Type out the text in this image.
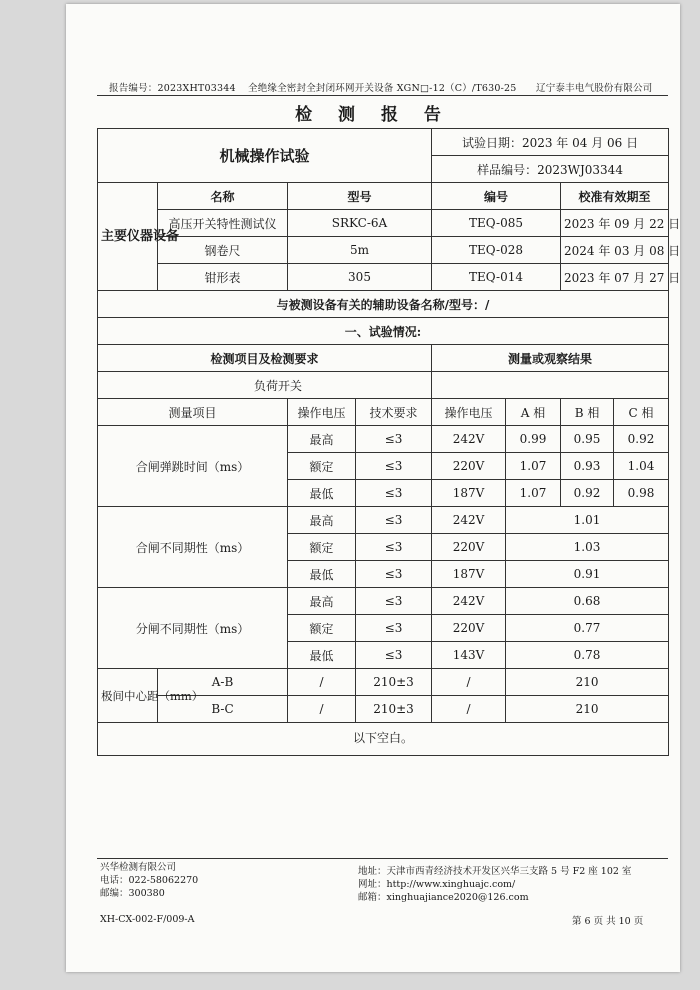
报告编号：2023XHT03344 全绝缘全密封全封闭环网开关设备 XGN□-12（C）/T630-25 辽宁泰丰电气股份有限公司
检 测 报 告
机械操作试验				试验日期：2023 年 04 月 06 日			
				样品编号：2023WJ03344			
主要仪器设备	名称	型号		编号		校准有效期至	
	高压开关特性测试仪	SRKC-6A		TEQ-085		2023 年 09 月 22 日	
	钢卷尺	5m		TEQ-028		2024 年 03 月 08 日	
	钳形表	305		TEQ-014		2023 年 07 月 27 日	
与被测设备有关的辅助设备名称/型号：/							
一、试验情况:							
检测项目及检测要求				测量或观察结果			
负荷开关							
测量项目		操作电压	技术要求	操作电压	A 相	B 相	C 相
合闸弹跳时间（ms）		最高	≤3	242V	0.99	0.95	0.92
		额定	≤3	220V	1.07	0.93	1.04
		最低	≤3	187V	1.07	0.92	0.98
合闸不同期性（ms）		最高	≤3	242V	1.01		
		额定	≤3	220V	1.03		
		最低	≤3	187V	0.91		
分闸不同期性（ms）		最高	≤3	242V	0.68		
		额定	≤3	220V	0.77		
		最低	≤3	143V	0.78		
极间中心距（mm）	A-B	/	210±3	/	210		
	B-C	/	210±3	/	210		
以下空白。							
兴华检测有限公司
电话：022-58062270
邮编：300380
地址：天津市西青经济技术开发区兴华三支路 5 号 F2 座 102 室
网址：http://www.xinghuajc.com/
邮箱：xinghuajiance2020@126.com
XH-CX-002-F/009-A	第 6 页 共 10 页
